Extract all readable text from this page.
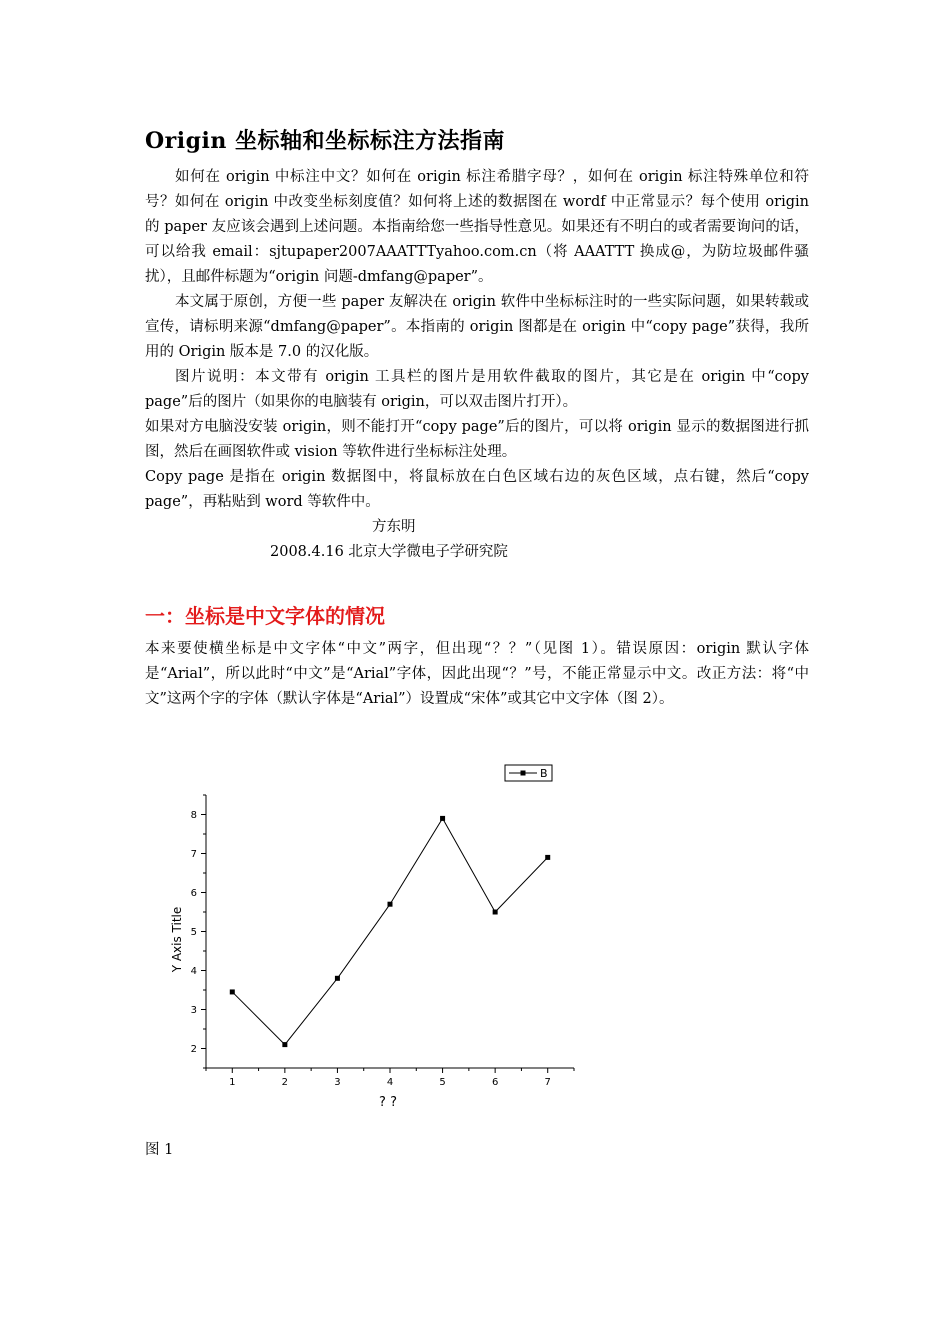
Origin 坐标轴和坐标标注方法指南

如何在 origin 中标注中文？如何在 origin 标注希腊字母？，如何在 origin 标注特殊单位和符号？如何在 origin 中改变坐标刻度值？如何将上述的数据图在 wordf 中正常显示？每个使用 origin 的 paper 友应该会遇到上述问题。本指南给您一些指导性意见。如果还有不明白的或者需要询问的话，可以给我 email：sjtupaper2007AAATTTyahoo.com.cn（将 AAATTT 换成@，为防垃圾邮件骚扰），且邮件标题为“origin 问题-dmfang@paper”。

本文属于原创，方便一些 paper 友解决在 origin 软件中坐标标注时的一些实际问题，如果转载或宣传，请标明来源“dmfang@paper”。本指南的 origin 图都是在 origin 中“copy page”获得，我所用的 Origin 版本是 7.0 的汉化版。

图片说明：本文带有 origin 工具栏的图片是用软件截取的图片，其它是在 origin 中“copy page”后的图片（如果你的电脑装有 origin，可以双击图片打开）。

如果对方电脑没安装 origin，则不能打开“copy page”后的图片，可以将 origin 显示的数据图进行抓图，然后在画图软件或 vision 等软件进行坐标标注处理。

Copy page 是指在 origin 数据图中，将鼠标放在白色区域右边的灰色区域，点右键，然后“copy page”，再粘贴到 word 等软件中。

方东明
2008.4.16 北京大学微电子学研究院
一：坐标是中文字体的情况

本来要使横坐标是中文字体“中文”两字，但出现“？？”（见图 1）。错误原因：origin 默认字体是“Arial”，所以此时“中文”是“Arial”字体，因此出现“？”号，不能正常显示中文。改正方法：将“中文”这两个字的字体（默认字体是“Arial”）设置成“宋体”或其它中文字体（图 2）。

1	2	3	4	5	6	7
2
3
4
5
6
7
8
? ?
Y Axis Title
B
图 1
